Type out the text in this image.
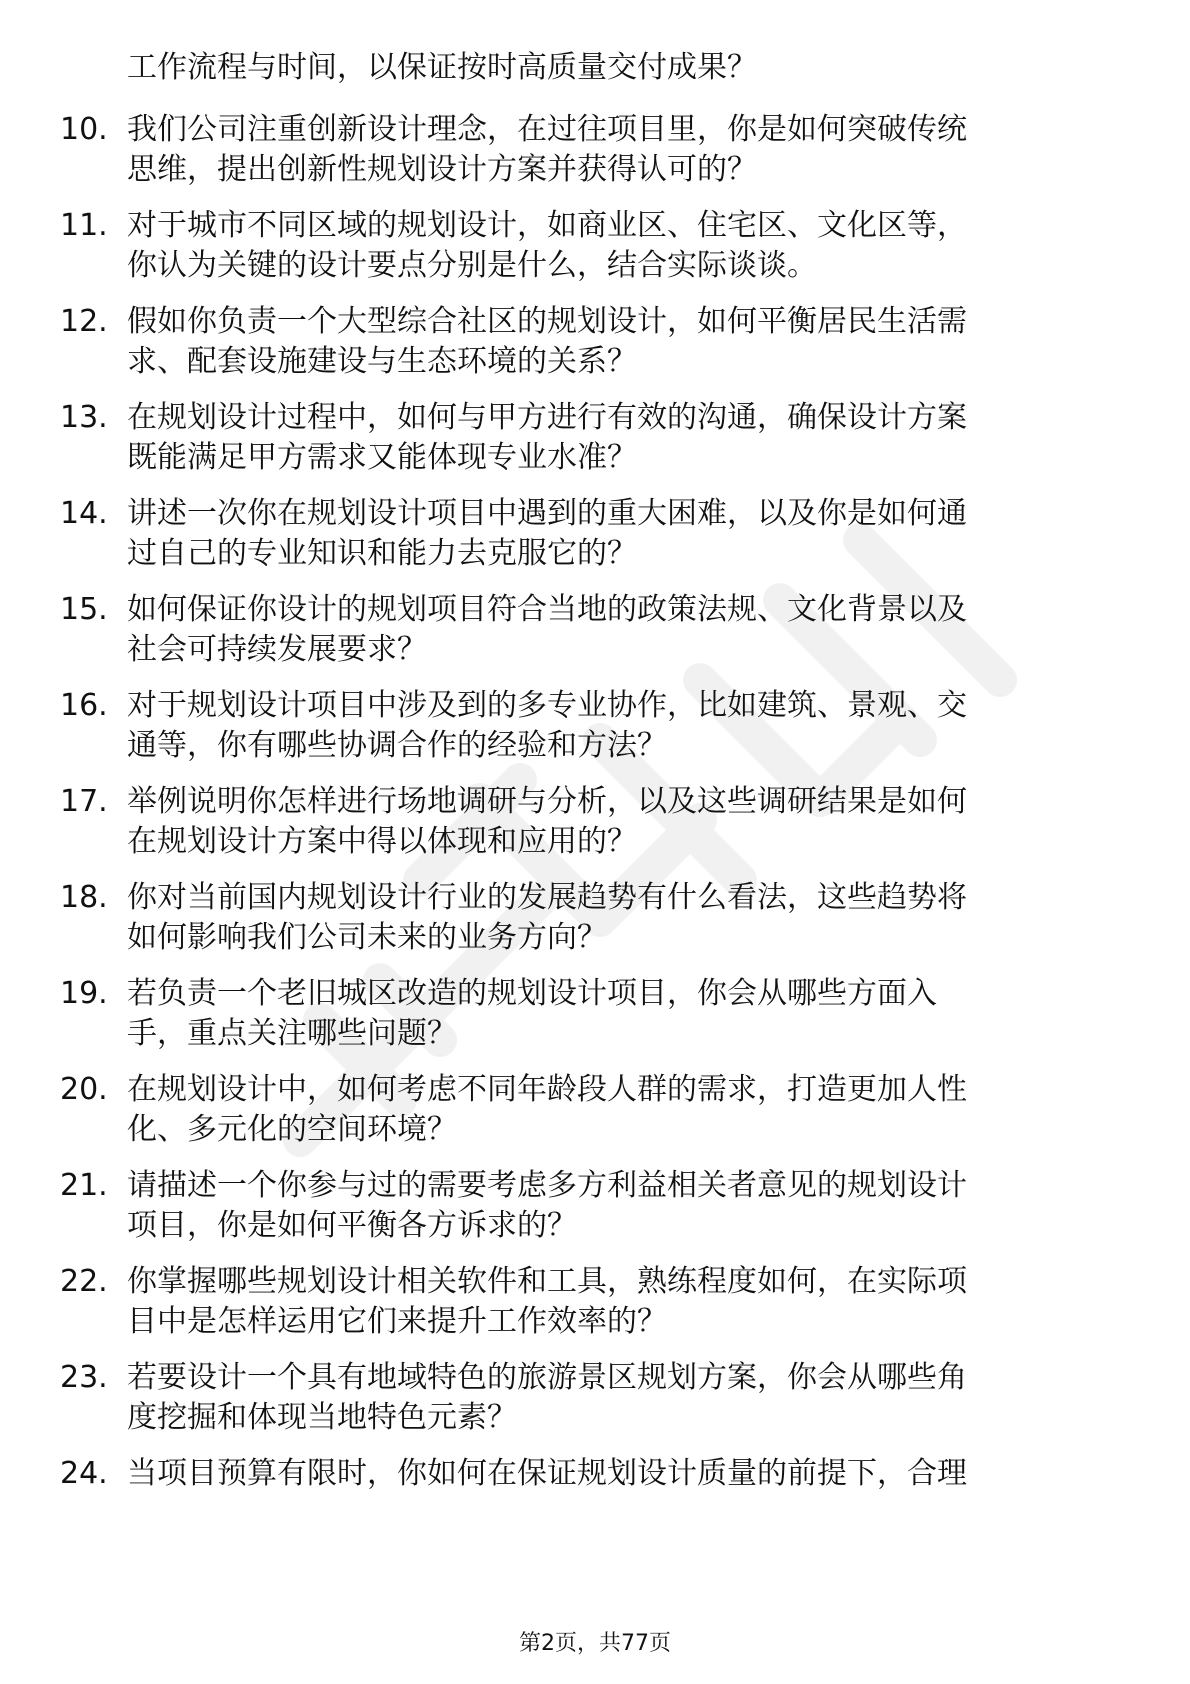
工作流程与时间，以保证按时高质量交付成果？
10. 我们公司注重创新设计理念，在过往项目里，你是如何突破传统
思维，提出创新性规划设计方案并获得认可的？
11. 对于城市不同区域的规划设计，如商业区、住宅区、文化区等，
你认为关键的设计要点分别是什么，结合实际谈谈。
12. 假如你负责一个大型综合社区的规划设计，如何平衡居民生活需
求、配套设施建设与生态环境的关系？
13. 在规划设计过程中，如何与甲方进行有效的沟通，确保设计方案
既能满足甲方需求又能体现专业水准？
14. 讲述一次你在规划设计项目中遇到的重大困难，以及你是如何通
过自己的专业知识和能力去克服它的？
15. 如何保证你设计的规划项目符合当地的政策法规、文化背景以及
社会可持续发展要求？
16. 对于规划设计项目中涉及到的多专业协作，比如建筑、景观、交
通等，你有哪些协调合作的经验和方法？
17. 举例说明你怎样进行场地调研与分析，以及这些调研结果是如何
在规划设计方案中得以体现和应用的？
18. 你对当前国内规划设计行业的发展趋势有什么看法，这些趋势将
如何影响我们公司未来的业务方向？
19. 若负责一个老旧城区改造的规划设计项目，你会从哪些方面入
手，重点关注哪些问题？
20. 在规划设计中，如何考虑不同年龄段人群的需求，打造更加人性
化、多元化的空间环境？
21. 请描述一个你参与过的需要考虑多方利益相关者意见的规划设计
项目，你是如何平衡各方诉求的？
22. 你掌握哪些规划设计相关软件和工具，熟练程度如何，在实际项
目中是怎样运用它们来提升工作效率的？
23. 若要设计一个具有地域特色的旅游景区规划方案，你会从哪些角
度挖掘和体现当地特色元素？
24. 当项目预算有限时，你如何在保证规划设计质量的前提下，合理
第2页，共77页
